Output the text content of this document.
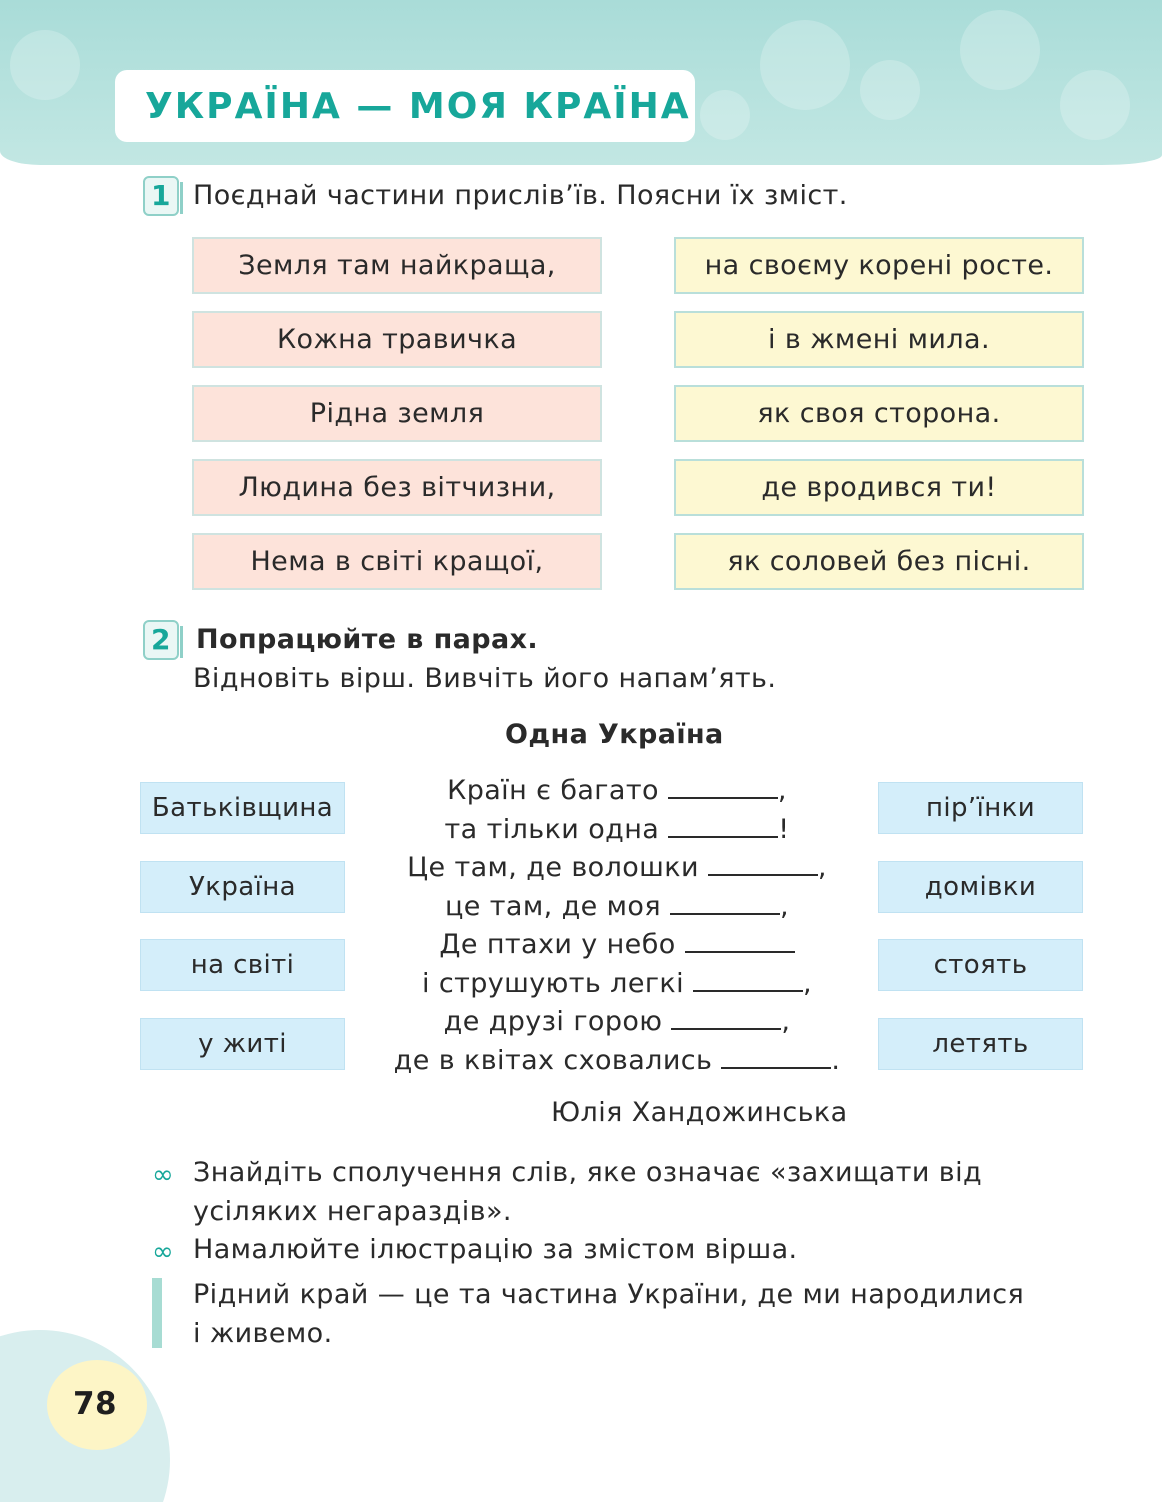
УКРАЇНА — МОЯ КРАЇНА
1 Поєднай частини прислів’їв. Поясни їх зміст.
Земля там найкраща,
Кожна травичка
Рідна земля
Людина без вітчизни,
Нема в світі кращої,
на своєму корені росте.
і в жмені мила.
як своя сторона.
де вродився ти!
як соловей без пісні.
2 Попрацюйте в парах.
Відновіть вірш. Вивчіть його напам’ять.
Одна Україна
Батьківщина
Україна
на світі
у житі
пір’їнки
домівки
стоять
летять
Країн є багато	,
та тільки одна	!
Це там, де волошки	,
це там, де моя	,
Де птахи у небо
і струшують легкі	,
де друзі горою	,
де в квітах сховались	.
Юлія Хандожинська
∞ Знайдіть сполучення слів, яке означає «захищати від
усіляких негараздів».
∞ Намалюйте ілюстрацію за змістом вірша.
Рідний край — це та частина України, де ми народилися
і живемо.
78
